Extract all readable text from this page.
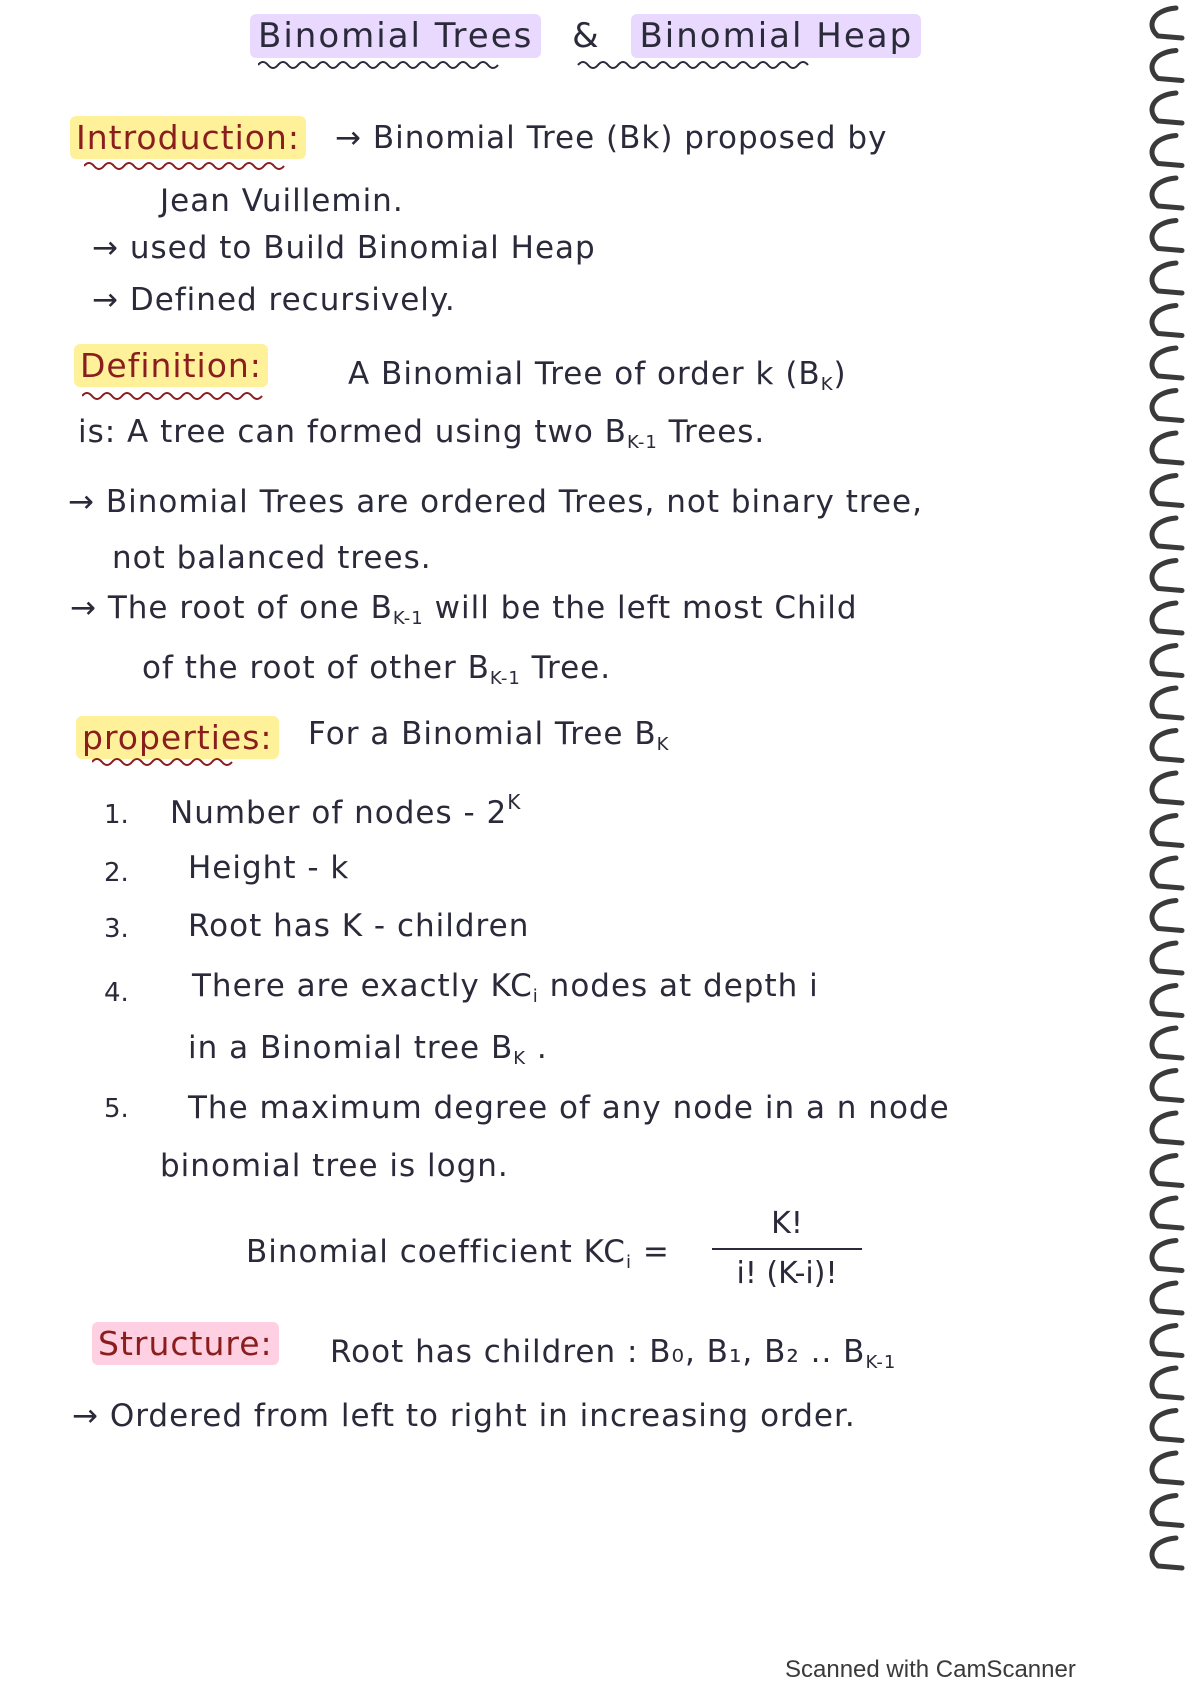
Binomial Trees & Binomial Heap
Introduction: → Binomial Tree (Bk) proposed by
Jean Vuillemin.
→ used to Build Binomial Heap
→ Defined recursively.
Definition:	A Binomial Tree of order k $(B_K)$
is: A tree can formed using two $B_{K-1}$ Trees.
→ Binomial Trees are ordered Trees, not binary tree,
not balanced trees.
→ The root of one $B_{K-1}$ will be the left most Child
of the root of other $B_{K-1}$ Tree.
properties: For a Binomial Tree $B_K$
1. Number of nodes - $2^K$
2. Height - k
3. Root has K - children
4. There are exactly $KC_i$ nodes at depth i
in a Binomial tree $B_K$ .
5. The maximum degree of any node in a n node
binomial tree is logn.
Binomial coefficient $KC_i$ =
K!
i! (K-i)!
Structure: Root has children : B₀, B₁, B₂ .. $B_{K-1}$
→ Ordered from left to right in increasing order.
Scanned with CamScanner
